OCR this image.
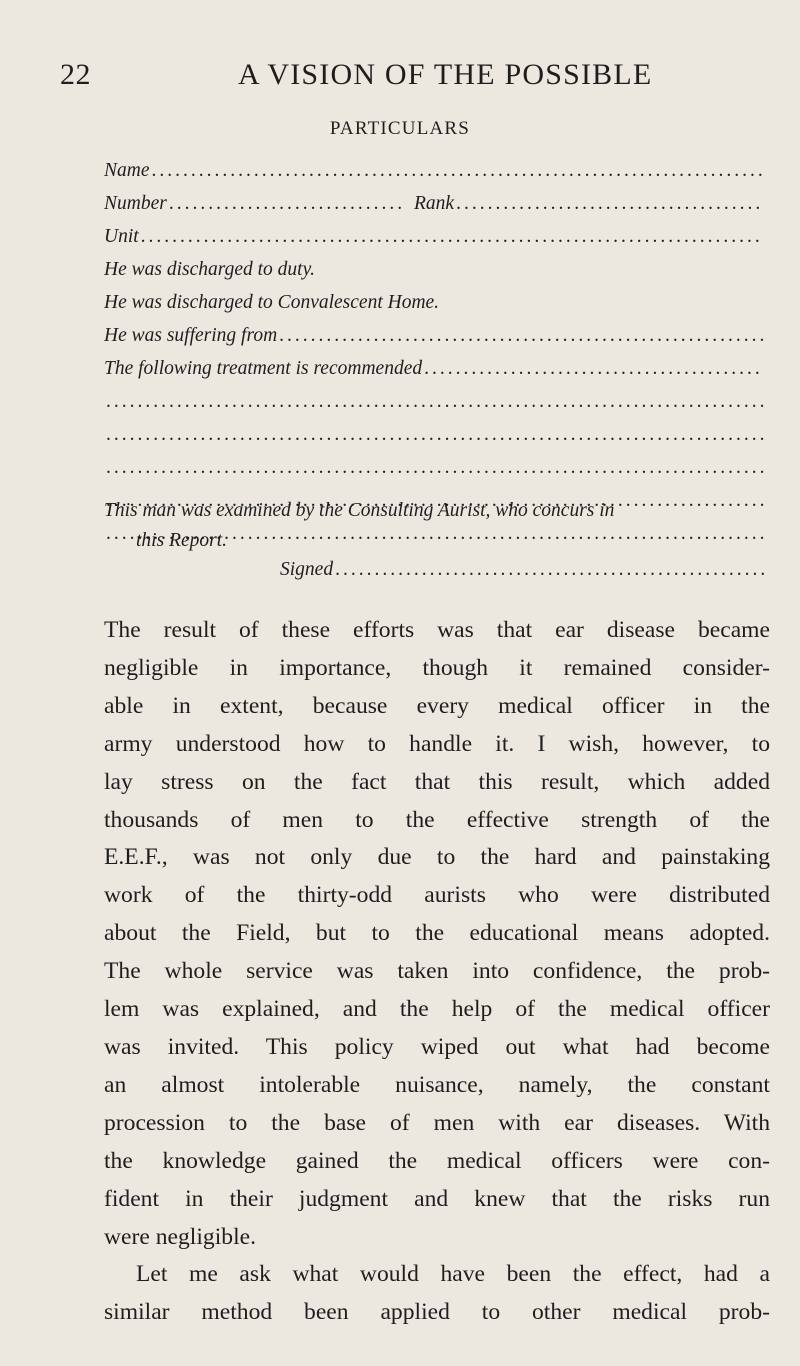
22	A VISION OF THE POSSIBLE
PARTICULARS
Name
.....
Number
.....	Rank
.....
Unit
.....
He was discharged to duty.
He was discharged to Convalescent Home.
He was suffering from
.....
The following treatment is recommended
.....
.....
.....
.....
.....
.....
This man was examined by the Consulting Aurist, who concurs in
this Report.
Signed
.....
The result of these efforts was that ear disease became
negligible in importance, though it remained consider-
able in extent, because every medical officer in the
army understood how to handle it. I wish, however, to
lay stress on the fact that this result, which added
thousands of men to the effective strength of the
E.E.F., was not only due to the hard and painstaking
work of the thirty-odd aurists who were distributed
about the Field, but to the educational means adopted.
The whole service was taken into confidence, the prob-
lem was explained, and the help of the medical officer
was invited. This policy wiped out what had become
an almost intolerable nuisance, namely, the constant
procession to the base of men with ear diseases. With
the knowledge gained the medical officers were con-
fident in their judgment and knew that the risks run
were negligible.
Let me ask what would have been the effect, had a
similar method been applied to other medical prob-
